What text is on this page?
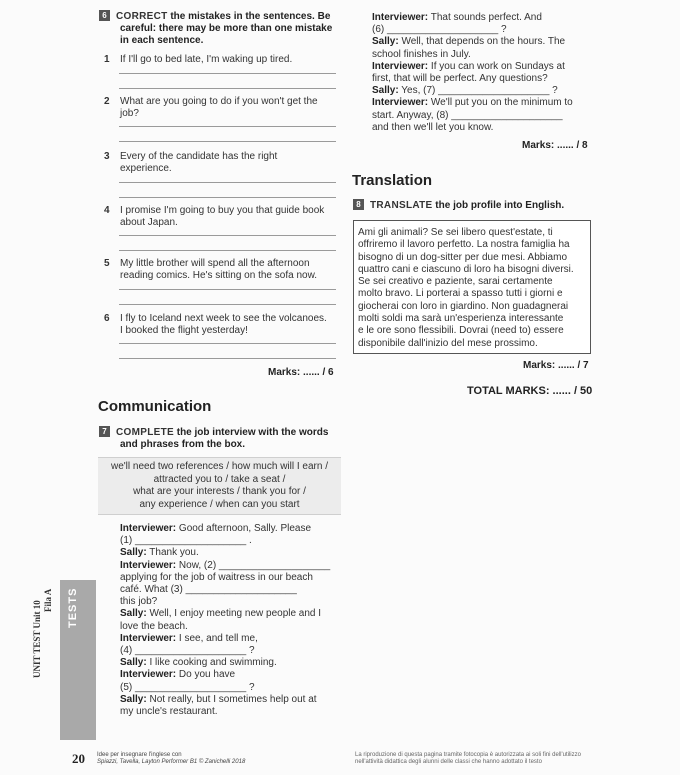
6 CORRECT the mistakes in the sentences. Be
careful: there may be more than one mistake
in each sentence.
1 If I'll go to bed late, I'm waking up tired.
2 What are you going to do if you won't get the
job?
3 Every of the candidate has the right
experience.
4 I promise I'm going to buy you that guide book
about Japan.
5 My little brother will spend all the afternoon
reading comics. He's sitting on the sofa now.
6 I fly to Iceland next week to see the volcanoes.
I booked the flight yesterday!
Marks: ...... / 6
Communication
7 COMPLETE the job interview with the words
and phrases from the box.
we'll need two references / how much will I earn /
attracted you to / take a seat /
what are your interests / thank you for /
any experience / when can you start
Interviewer: Good afternoon, Sally. Please
(1) ____________________ .
Sally: Thank you.
Interviewer: Now, (2) ____________________
applying for the job of waitress in our beach
café. What (3) ____________________
this job?
Sally: Well, I enjoy meeting new people and I
love the beach.
Interviewer: I see, and tell me,
(4) ____________________ ?
Sally: I like cooking and swimming.
Interviewer: Do you have
(5) ____________________ ?
Sally: Not really, but I sometimes help out at
my uncle's restaurant.
Interviewer: That sounds perfect. And
(6) ____________________ ?
Sally: Well, that depends on the hours. The
school finishes in July.
Interviewer: If you can work on Sundays at
first, that will be perfect. Any questions?
Sally: Yes, (7) ____________________ ?
Interviewer: We'll put you on the minimum to
start. Anyway, (8) ____________________
and then we'll let you know.
Marks: ...... / 8
Translation
8 TRANSLATE the job profile into English.
Ami gli animali? Se sei libero quest'estate, ti
offriremo il lavoro perfetto. La nostra famiglia ha
bisogno di un dog-sitter per due mesi. Abbiamo
quattro cani e ciascuno di loro ha bisogni diversi.
Se sei creativo e paziente, sarai certamente
molto bravo. Li porterai a spasso tutti i giorni e
giocherai con loro in giardino. Non guadagnerai
molti soldi ma sarà un'esperienza interessante
e le ore sono flessibili. Dovrai (need to) essere
disponibile dall'inizio del mese prossimo.
Marks: ...... / 7
TOTAL MARKS: ...... / 50
TESTS
UNIT TEST Unit 10 Fila A
20 Idee per insegnare l'inglese con
Spiazzi, Tavella, Layton Performer B1 © Zanichelli 2018
La riproduzione di questa pagina tramite fotocopia è autorizzata ai soli fini dell'utilizzo
nell'attività didattica degli alunni delle classi che hanno adottato il testo
